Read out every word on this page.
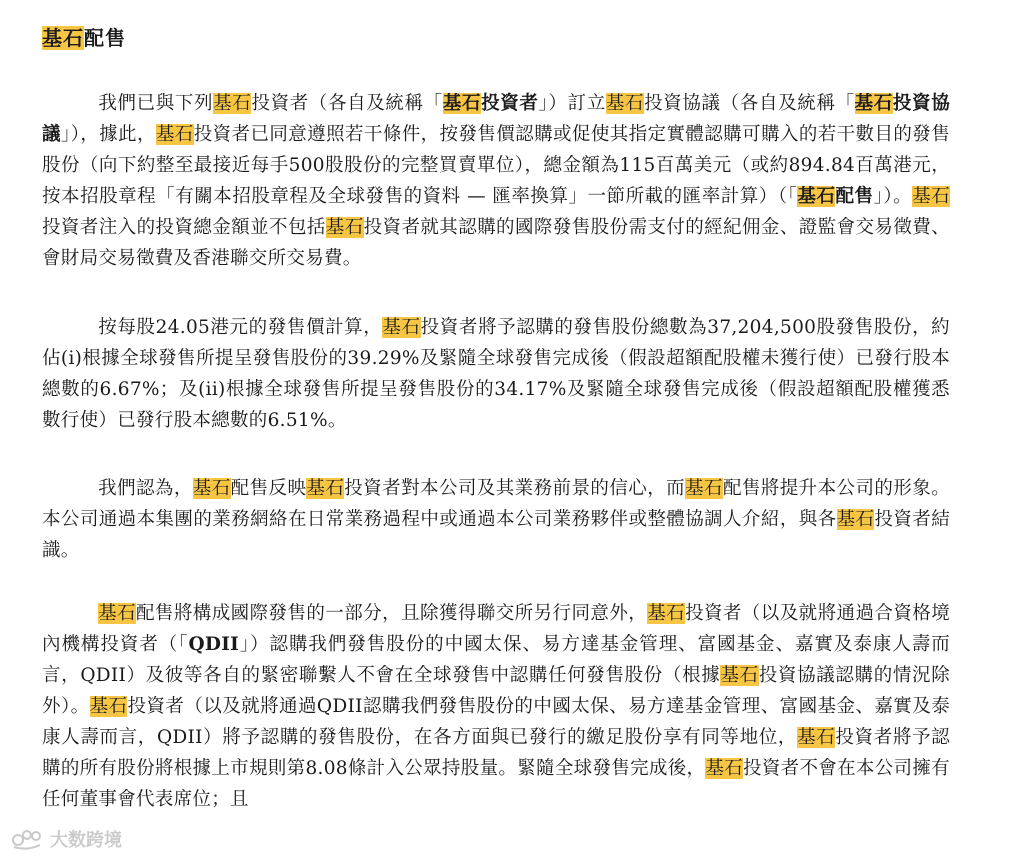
基石配售

我們已與下列基石投資者（各自及統稱「基石投資者」）訂立基石投資協議（各自及統稱「基石投資協議」），據此，基石投資者已同意遵照若干條件，按發售價認購或促使其指定實體認購可購入的若干數目的發售股份（向下約整至最接近每手500股股份的完整買賣單位），總金額為115百萬美元（或約894.84百萬港元，按本招股章程「有關本招股章程及全球發售的資料 — 匯率換算」一節所載的匯率計算）（「基石配售」）。基石投資者注入的投資總金額並不包括基石投資者就其認購的國際發售股份需支付的經紀佣金、證監會交易徵費、會財局交易徵費及香港聯交所交易費。

按每股24.05港元的發售價計算，基石投資者將予認購的發售股份總數為37,204,500股發售股份，約佔(i)根據全球發售所提呈發售股份的39.29%及緊隨全球發售完成後（假設超額配股權未獲行使）已發行股本總數的6.67%；及(ii)根據全球發售所提呈發售股份的34.17%及緊隨全球發售完成後（假設超額配股權獲悉數行使）已發行股本總數的6.51%。

我們認為，基石配售反映基石投資者對本公司及其業務前景的信心，而基石配售將提升本公司的形象。本公司通過本集團的業務網絡在日常業務過程中或通過本公司業務夥伴或整體協調人介紹，與各基石投資者結識。

基石配售將構成國際發售的一部分，且除獲得聯交所另行同意外，基石投資者（以及就將通過合資格境內機構投資者（「QDII」）認購我們發售股份的中國太保、易方達基金管理、富國基金、嘉實及泰康人壽而言，QDII）及彼等各自的緊密聯繫人不會在全球發售中認購任何發售股份（根據基石投資協議認購的情況除外）。基石投資者（以及就將通過QDII認購我們發售股份的中國太保、易方達基金管理、富國基金、嘉實及泰康人壽而言，QDII）將予認購的發售股份，在各方面與已發行的繳足股份享有同等地位，基石投資者將予認購的所有股份將根據上市規則第8.08條計入公眾持股量。緊隨全球發售完成後，基石投資者不會在本公司擁有任何董事會代表席位；且

大数跨境
